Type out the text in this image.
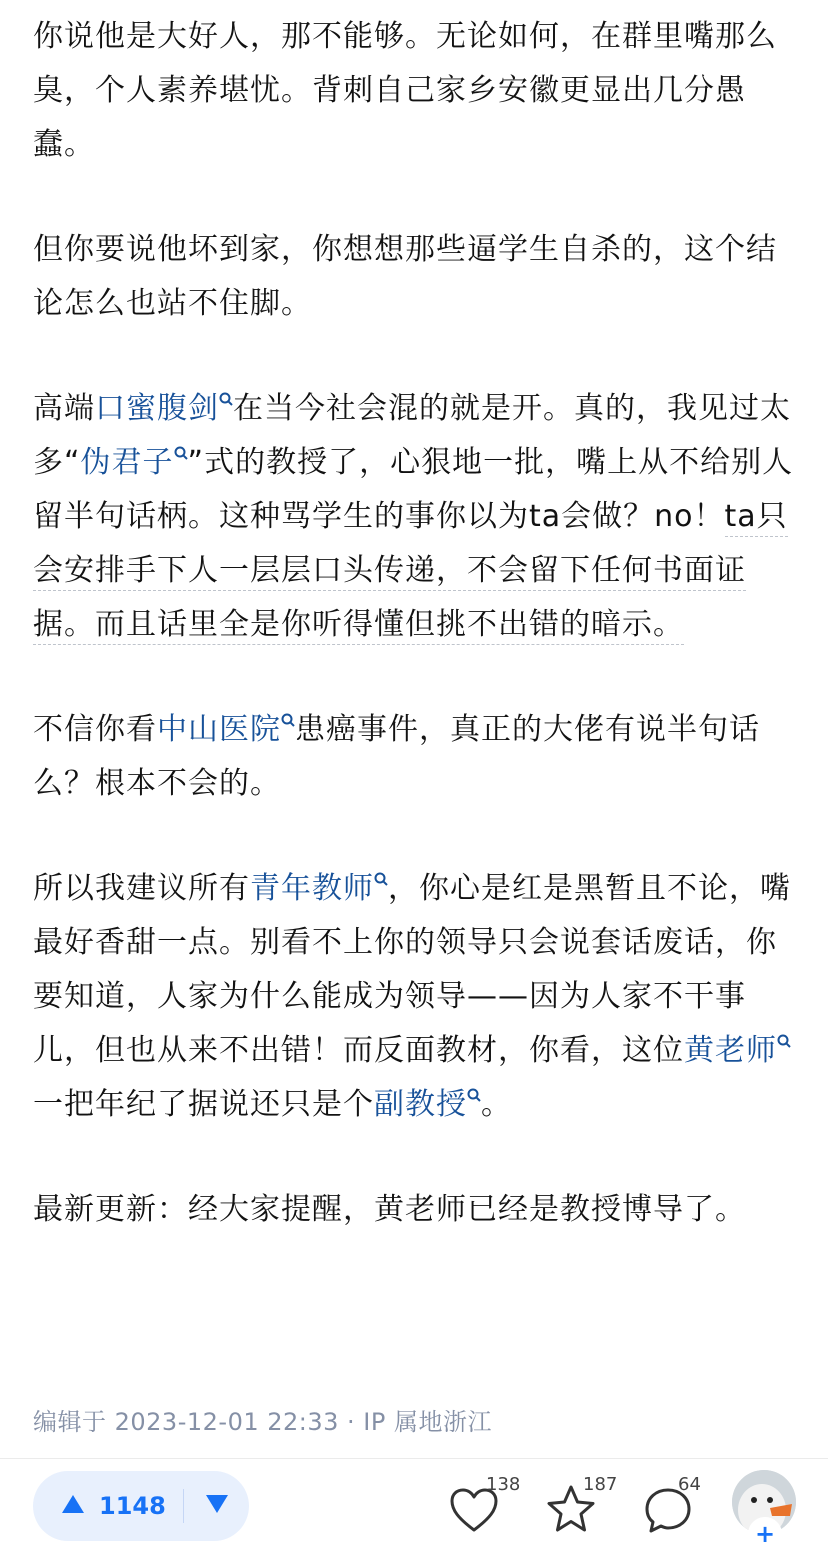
你说他是大好人，那不能够。无论如何，在群里嘴那么臭，个人素养堪忧。背刺自己家乡安徽更显出几分愚蠢。

但你要说他坏到家，你想想那些逼学生自杀的，这个结论怎么也站不住脚。

高端口蜜腹剑 在当今社会混的就是开。真的，我见过太多“伪君子 ”式的教授了，心狠地一批，嘴上从不给别人留半句话柄。这种骂学生的事你以为ta会做？no！ta只会安排手下人一层层口头传递，不会留下任何书面证据。而且话里全是你听得懂但挑不出错的暗示。

不信你看中山医院 患癌事件，真正的大佬有说半句话么？根本不会的。

所以我建议所有青年教师 ，你心是红是黑暂且不论，嘴最好香甜一点。别看不上你的领导只会说套话废话，你要知道，人家为什么能成为领导——因为人家不干事儿，但也从来不出错！而反面教材，你看，这位黄老师
一把年纪了据说还只是个副教授 。

最新更新：经大家提醒，黄老师已经是教授博导了。

编辑于 2023-12-01 22:33 · IP 属地浙江
1148
138	187	64
+
